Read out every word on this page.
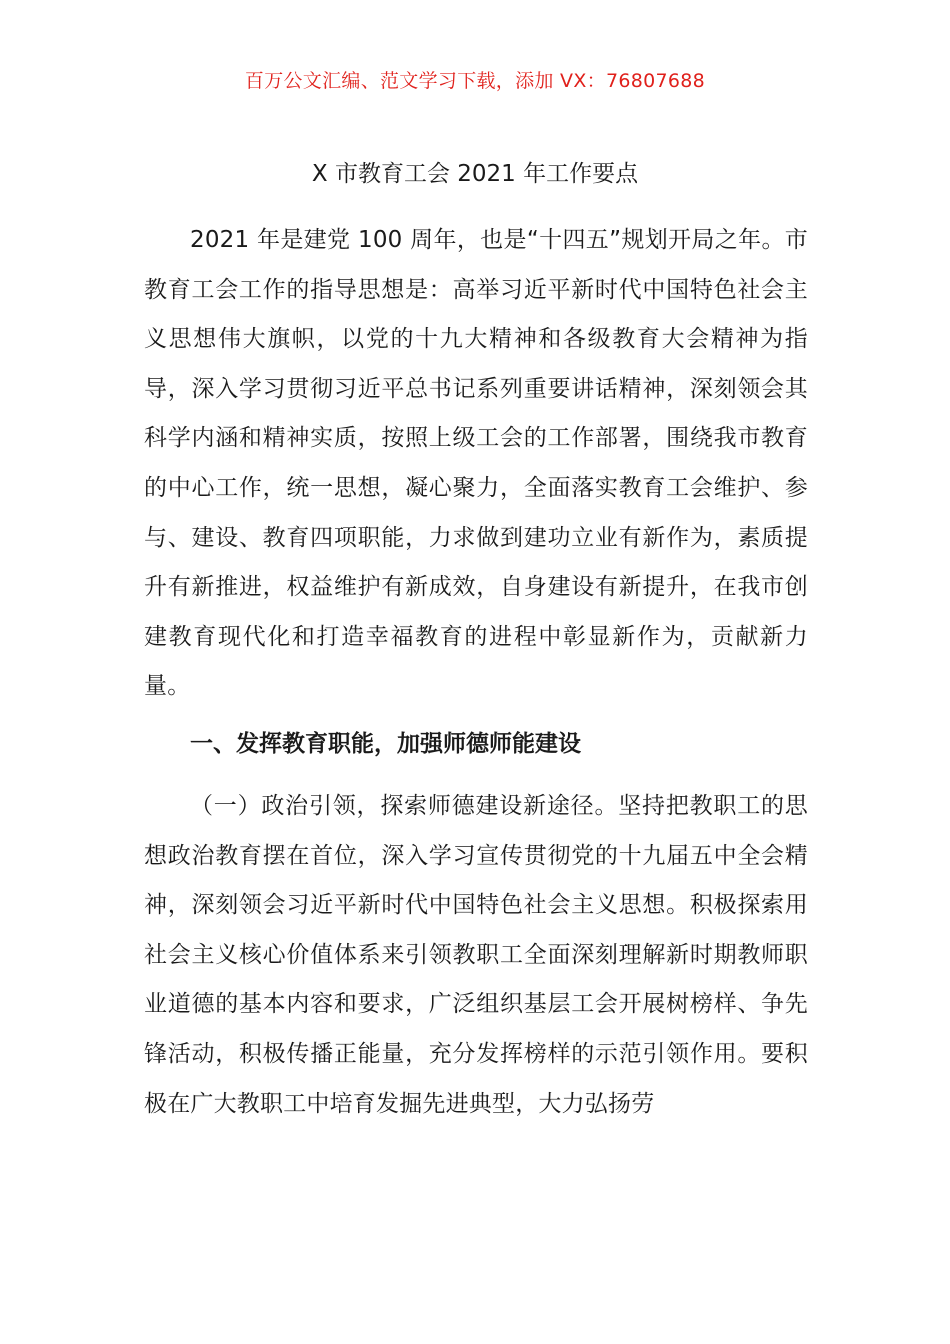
百万公文汇编、范文学习下载，添加 VX：76807688
X 市教育工会 2021 年工作要点

2021 年是建党 100 周年，也是“十四五”规划开局之年。市教育工会工作的指导思想是：高举习近平新时代中国特色社会主义思想伟大旗帜，以党的十九大精神和各级教育大会精神为指导，深入学习贯彻习近平总书记系列重要讲话精神，深刻领会其科学内涵和精神实质，按照上级工会的工作部署，围绕我市教育的中心工作，统一思想，凝心聚力，全面落实教育工会维护、参与、建设、教育四项职能，力求做到建功立业有新作为，素质提升有新推进，权益维护有新成效，自身建设有新提升，在我市创建教育现代化和打造幸福教育的进程中彰显新作为，贡献新力量。

一、发挥教育职能，加强师德师能建设

（一）政治引领，探索师德建设新途径。坚持把教职工的思想政治教育摆在首位，深入学习宣传贯彻党的十九届五中全会精神，深刻领会习近平新时代中国特色社会主义思想。积极探索用社会主义核心价值体系来引领教职工全面深刻理解新时期教师职业道德的基本内容和要求，广泛组织基层工会开展树榜样、争先锋活动，积极传播正能量，充分发挥榜样的示范引领作用。要积极在广大教职工中培育发掘先进典型，大力弘扬劳
